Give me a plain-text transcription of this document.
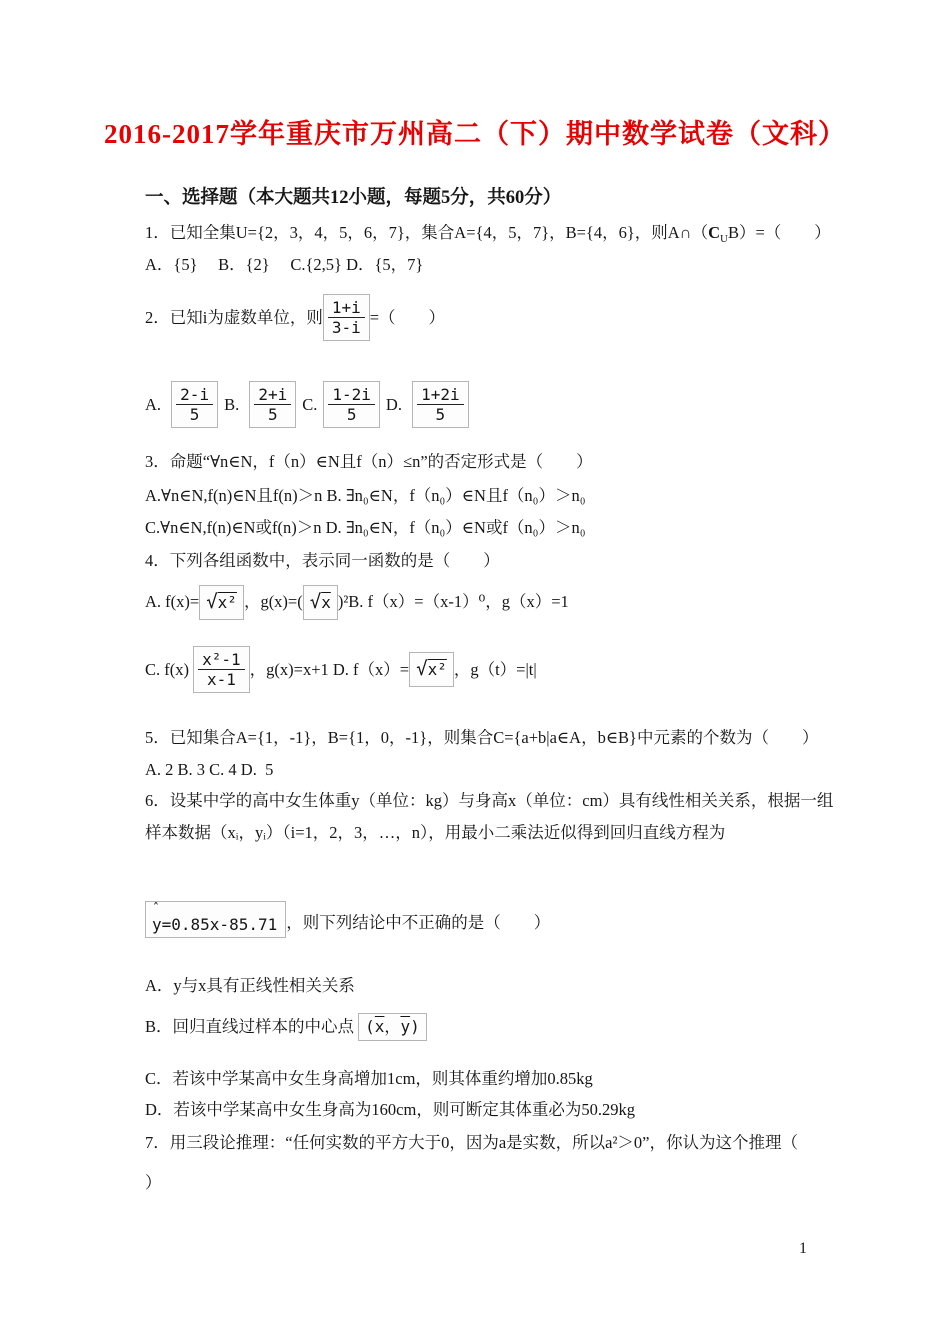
2016-2017学年重庆市万州高二（下）期中数学试卷（文科）
一、选择题（本大题共12小题，每题5分，共60分）
1．已知全集U={2，3，4，5，6，7}，集合A={4，5，7}，B={4，6}，则$A\cap(C_UB)=$（　　）
A．{5}　 B．{2}　 C.{2,5} D．{5，7}
2．已知i为虚数单位，则 $\frac{1+i}{3-i}$ =（　　）
A. $\frac{2-i}{5} B$. $\frac{2+i}{5} C$. $\frac{1-2i}{5} D$. $\frac{1+2i}{5}$
3．命题“∀n∈N，f（n）∈N且f（n）≤n”的否定形式是（　　）
A.∀n∈N,f(n)∈N且f(n)＞n B. ∃n₀∈N，f（n₀）∈N且f（n₀）＞n₀
C.∀n∈N,f(n)∈N或f(n)＞n D. ∃n₀∈N，f（n₀）∈N或f（n₀）＞n₀
4．下列各组函数中，表示同一函数的是（　　）
A. f(x)= √x² ，g(x)=( √x )² B. f（x）=（x-1）⁰，g（x）=1
C. $f(x) \frac{\text{x²-1}}{x-1}$ ，g(x)=x+1 D. f（x）= √x² ，g（t）=|t|
5．已知集合A={1，-1}，B={1，0，-1}，则集合C={a+b|a∈A，b∈B}中元素的个数为（　　）
A. 2 B. 3 C. 4 D.  5
6．设某中学的高中女生体重y（单位：kg）与身高x（单位：cm）具有线性相关关系，根据一组
样本数据（xᵢ，yᵢ）（i=1，2，3，…，n），用最小二乘法近似得到回归直线方程为
ˆ
y=0.85x-85.71 ，则下列结论中不正确的是（　　）
A．y与x具有正线性相关关系
B．回归直线过样本的中心点 ($\overline{x}$，$\overline{y}$)
C．若该中学某高中女生身高增加1cm，则其体重约增加0.85kg
D．若该中学某高中女生身高为160cm，则可断定其体重必为50.29kg
7．用三段论推理：“任何实数的平方大于0，因为a是实数，所以a²＞0”，你认为这个推理（
）
1
